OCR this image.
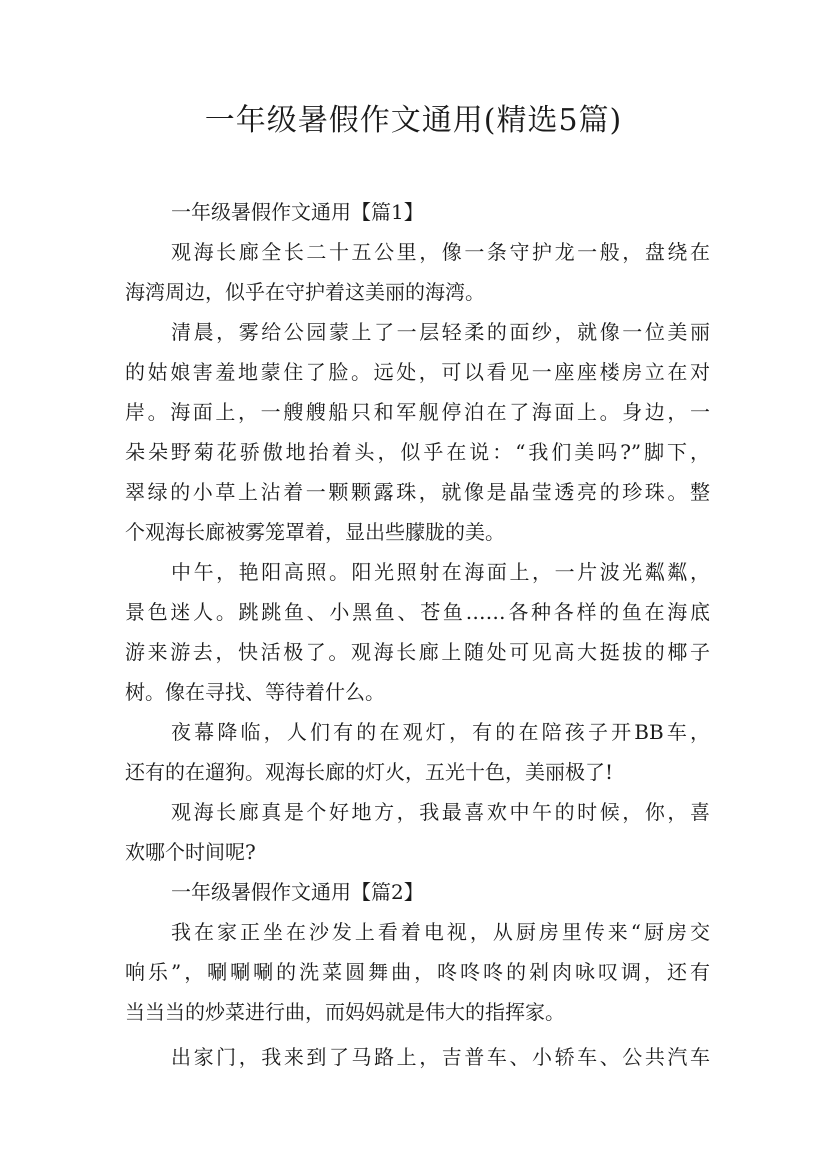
一年级暑假作文通用(精选5篇)
一年级暑假作文通用【篇1】
观海长廊全长二十五公里，像一条守护龙一般，盘绕在
海湾周边，似乎在守护着这美丽的海湾。
清晨，雾给公园蒙上了一层轻柔的面纱，就像一位美丽
的姑娘害羞地蒙住了脸。远处，可以看见一座座楼房立在对
岸。海面上，一艘艘船只和军舰停泊在了海面上。身边，一
朵朵野菊花骄傲地抬着头，似乎在说：“我们美吗?”脚下，
翠绿的小草上沾着一颗颗露珠，就像是晶莹透亮的珍珠。整
个观海长廊被雾笼罩着，显出些朦胧的美。
中午，艳阳高照。阳光照射在海面上，一片波光粼粼，
景色迷人。跳跳鱼、小黑鱼、苍鱼……各种各样的鱼在海底
游来游去，快活极了。观海长廊上随处可见高大挺拔的椰子
树。像在寻找、等待着什么。
夜幕降临，人们有的在观灯，有的在陪孩子开BB车，
还有的在遛狗。观海长廊的灯火，五光十色，美丽极了!
观海长廊真是个好地方，我最喜欢中午的时候，你，喜
欢哪个时间呢?
一年级暑假作文通用【篇2】
我在家正坐在沙发上看着电视，从厨房里传来“厨房交
响乐”，唰唰唰的洗菜圆舞曲，咚咚咚的剁肉咏叹调，还有
当当当的炒菜进行曲，而妈妈就是伟大的指挥家。
出家门，我来到了马路上，吉普车、小轿车、公共汽车
